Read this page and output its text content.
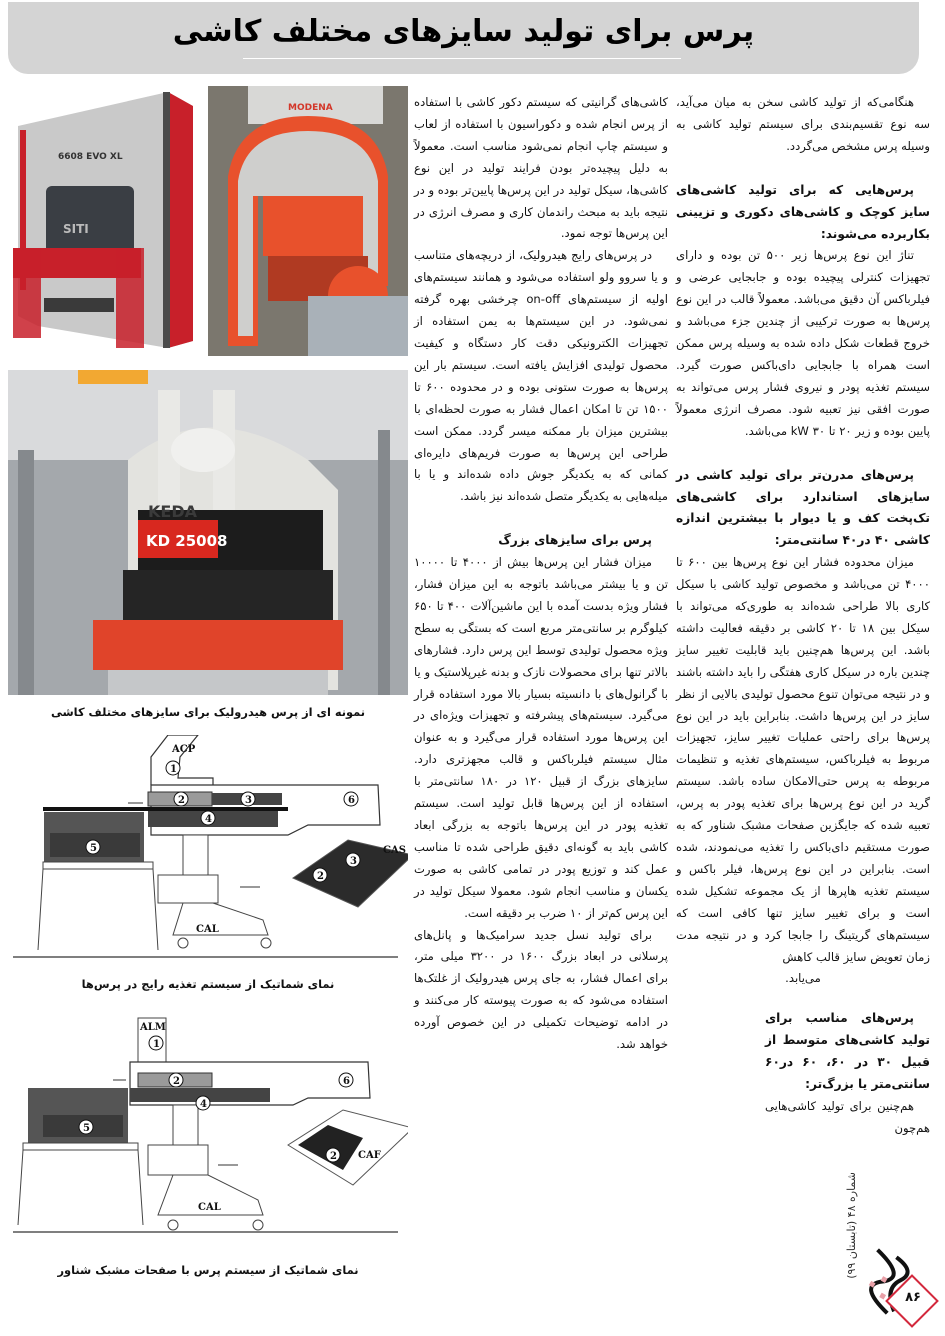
پرس برای تولید سایزهای مختلف کاشی

هنگامی‌که از تولید کاشی سخن به میان می‌آید، سه نوع تقسیم‌بندی برای سیستم تولید کاشی به وسیله پرس مشخص می‌گردد.

پرس‌هایی که برای تولید کاشی‌های سایز کوچک و کاشی‌های دکوری و تزیینی بکاربرده می‌شوند:

تناژ این نوع پرس‌ها زیر ۵۰۰ تن بوده و دارای تجهیزات کنترلی پیچیده بوده و جابجایی عرضی و فیلرباکس آن دقیق می‌باشد. معمولاً قالب در این نوع پرس‌ها به صورت ترکیبی از چندین جزء می‌باشد و خروج قطعات شکل داده شده به وسیله پرس ممکن است همراه با جابجایی دای‌باکس صورت گیرد. سیستم تغذیه پودر و نیروی فشار پرس می‌تواند به صورت افقی نیز تعبیه شود. مصرف انرژی معمولاً پایین بوده و زیر ۲۰ تا ۳۰ kW می‌باشد.

پرس‌های مدرن‌تر برای تولید کاشی در سایزهای استاندارد برای کاشی‌های تک‌پخت کف و یا دیوار با بیشترین اندازه کاشی ۴۰ در۴۰ سانتی‌متر:

میزان محدوده فشار این نوع پرس‌ها بین ۶۰۰ تا ۴۰۰۰ تن می‌باشد و مخصوص تولید کاشی با سیکل کاری بالا طراحی شده‌اند به طوری‌که می‌تواند با سیکل بین ۱۸ تا ۲۰ کاشی بر دقیقه فعالیت داشته باشد. این پرس‌ها هم‌چنین باید قابلیت تغییر سایز چندین باره در سیکل کاری هفتگی را باید داشته باشند و در نتیجه می‌توان تنوع محصول تولیدی بالایی از نظر سایز در این پرس‌ها داشت. بنابراین باید در این نوع پرس‌ها برای راحتی عملیات تغییر سایز، تجهیزات مربوط به فیلرباکس، سیستم‌های تغذیه و تنظیمات مربوطه به پرس حتی‌الامکان ساده باشد. سیستم گرید در این نوع پرس‌ها برای تغذیه پودر به پرس، تعبیه شده که جایگزین صفحات مشبک شناور که به صورت مستقیم دای‌باکس را تغذیه می‌نمودند، شده است. بنابراین در این نوع پرس‌ها، فیلر باکس و سیستم تغذیه هاپرها از یک مجموعه تشکیل شده است و برای تغییر سایز تنها کافی است که سیستم‌های گریتینگ را جابجا کرد و در نتیجه مدت زمان تعویض سایز قالب کاهش

می‌یابد.

پرس‌های مناسب برای تولید کاشی‌های متوسط از قبیل ۳۰ در ۶۰، ۶۰ در۶۰ سانتی‌متر یا بزرگ‌تر:

هم‌چنین برای تولید کاشی‌هایی هم‌چون

کاشی‌های گرانیتی که سیستم دکور کاشی با استفاده از پرس انجام شده و دکوراسیون با استفاده از لعاب و سیستم چاپ انجام نمی‌شود مناسب است. معمولاً به دلیل پیچیده‌تر بودن فرایند تولید در این نوع کاشی‌ها، سیکل تولید در این پرس‌ها پایین‌تر بوده و در نتیجه باید به مبحث راندمان کاری و مصرف انرژی در این پرس‌ها توجه نمود.

در پرس‌های رایج هیدرولیک، از دریچه‌های متناسب و یا سروو ولو استفاده می‌شود و همانند سیستم‌های اولیه از سیستم‌های on-off چرخشی بهره گرفته نمی‌شود. در این سیستم‌ها به یمن استفاده از تجهیزات الکترونیکی دقت کار دستگاه و کیفیت محصول تولیدی افزایش یافته است. سیستم بار این پرس‌ها به صورت ستونی بوده و در محدوده ۶۰۰ تا ۱۵۰۰ تن تا امکان اعمال فشار به صورت لحظه‌ای با بیشترین میزان بار ممکنه میسر گردد. ممکن است طراحی این پرس‌ها به صورت فریم‌های دایره‌ای کمانی که به یکدیگر جوش داده شده‌اند و یا با میله‌هایی به یکدیگر متصل شده‌اند نیز باشد.

پرس برای سایزهای بزرگ

میزان فشار این پرس‌ها بیش از ۴۰۰۰ تا ۱۰۰۰۰ تن و یا بیشتر می‌باشد باتوجه به این میزان فشار، فشار ویژه بدست آمده با این ماشین‌آلات ۴۰۰ تا ۶۵۰ کیلوگرم بر سانتی‌متر مربع است که بستگی به سطح ویژه محصول تولیدی توسط این پرس دارد. فشارهای بالاتر تنها برای محصولات نازک و بدنه غیرپلاستیک و یا با گرانول‌های با دانسیته بسیار بالا مورد استفاده قرار می‌گیرد. سیستم‌های پیشرفته و تجهیزات ویژه‌ای در این پرس‌ها مورد استفاده قرار می‌گیرد و به عنوان مثال سیستم فیلرباکس و قالب مجهزتری دارد. سایزهای بزرگ از قبیل ۱۲۰ در ۱۸۰ سانتی‌متر با استفاده از این پرس‌ها قابل تولید است. سیستم تغذیه پودر در این پرس‌ها باتوجه به بزرگی ابعاد کاشی باید به گونه‌ای دقیق طراحی شده تا مناسب عمل کند و توزیع پودر در تمامی کاشی به صورت یکسان و مناسب انجام شود. معمولا سیکل تولید در این پرس کم‌تر از ۱۰ ضرب بر دقیقه است.

برای تولید نسل جدید سرامیک‌ها و پانل‌های پرسلانی در ابعاد بزرگ ۱۶۰۰ در ۳۲۰۰ میلی متر، برای اعمال فشار، به جای پرس هیدرولیک از غلتک‌ها استفاده می‌شود که به صورت پیوسته کار می‌کنند و در ادامه توضیحات تکمیلی در این خصوص آورده خواهد شد.

6608 EVO XL
SITI
MODENA
KEDA
KD 25008
نمونه ای از پرس هیدرولیک برای سایزهای مختلف کاشی
ACP
CAS
CAL
1
2	3
4
5
6
2
3
نمای شماتیک از سیستم تغذیه رایج در پرس‌ها
ALM
CAF
CAL
1
2
4
5
6
2
نمای شماتیک از سیستم پرس با صفحات مشبک شناور	شماره ۴۸ (تابستان ۹۹)
۸۶
